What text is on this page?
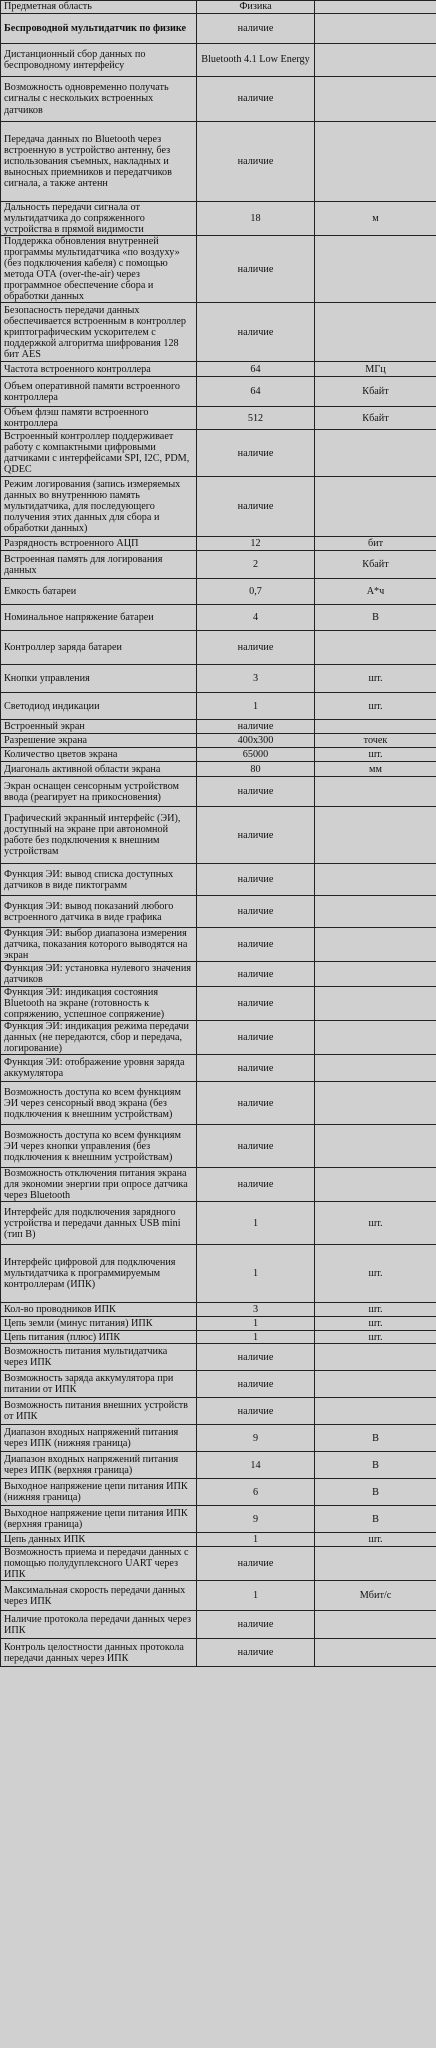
Предметная область	Физика	
Беспроводной мультидатчик по физике	наличие	
Дистанционный сбор данных по беспроводному интерфейсу	Bluetooth 4.1 Low Energy	
Возможность одновременно получать сигналы с нескольких встроенных датчиков	наличие	
Передача данных по Bluetooth через встроенную в устройство антенну, без использования съемных, накладных и выносных приемников и передатчиков сигнала, а также антенн	наличие	
Дальность передачи сигнала от мультидатчика до сопряженного устройства в прямой видимости	18	м
Поддержка обновления внутренней программы мультидатчика «по воздуху» (без подключения кабеля) с помощью метода ОТА (over-the-air) через программное обеспечение сбора и обработки данных	наличие	
Безопасность передачи данных обеспечивается встроенным в контроллер криптографическим ускорителем с поддержкой алгоритма шифрования 128 бит AES	наличие	
Частота встроенного контроллера	64	МГц
Объем оперативной памяти встроенного контроллера	64	Кбайт
Объем флэш памяти встроенного контроллера	512	Кбайт
Встроенный контроллер поддерживает работу с компактными цифровыми датчиками с интерфейсами SPI, I2C, PDM, QDEC	наличие	
Режим логирования (запись измеряемых данных во внутреннюю память мультидатчика, для последующего получения этих данных для сбора и обработки данных)	наличие	
Разрядность встроенного АЦП	12	бит
Встроенная память для логирования данных	2	Кбайт
Емкость батареи	0,7	А*ч
Номинальное напряжение батареи	4	В
Контроллер заряда батареи	наличие	
Кнопки управления	3	шт.
Светодиод индикации	1	шт.
Встроенный экран	наличие	
Разрешение экрана	400x300	точек
Количество цветов экрана	65000	шт.
Диагональ активной области экрана	80	мм
Экран оснащен сенсорным устройством ввода (реагирует на прикосновения)	наличие	
Графический экранный интерфейс (ЭИ), доступный на экране при автономной работе без подключения к внешним устройствам	наличие	
Функция ЭИ: вывод списка доступных датчиков в виде пиктограмм	наличие	
Функция ЭИ: вывод показаний любого встроенного датчика в виде графика	наличие	
Функция ЭИ: выбор диапазона измерения датчика, показания которого выводятся на экран	наличие	
Функция ЭИ: установка нулевого значения датчиков	наличие	
Функция ЭИ: индикация состояния Bluetooth на экране (готовность к сопряжению, успешное сопряжение)	наличие	
Функция ЭИ: индикация режима передачи данных (не передаются, сбор и передача, логирование)	наличие	
Функция ЭИ: отображение уровня заряда аккумулятора	наличие	
Возможность доступа ко всем функциям ЭИ через сенсорный ввод экрана (без подключения к внешним устройствам)	наличие	
Возможность доступа ко всем функциям ЭИ через кнопки управления (без подключения к внешним устройствам)	наличие	
Возможность отключения питания экрана для экономии энергии при опросе датчика через Bluetooth	наличие	
Интерфейс для подключения зарядного устройства и передачи данных USB mini (тип B)	1	шт.
Интерфейс цифровой для подключения мультидатчика к программируемым контроллерам (ИПК)	1	шт.
Кол-во проводников ИПК	3	шт.
Цепь земли (минус питания) ИПК	1	шт.
Цепь питания (плюс) ИПК	1	шт.
Возможность питания мультидатчика через ИПК	наличие	
Возможность заряда аккумулятора при питании от ИПК	наличие	
Возможность питания внешних устройств от ИПК	наличие	
Диапазон входных напряжений питания через ИПК (нижняя граница)	9	В
Диапазон входных напряжений питания через ИПК (верхняя граница)	14	В
Выходное напряжение цепи питания ИПК (нижняя граница)	6	В
Выходное напряжение цепи питания ИПК (верхняя граница)	9	В
Цепь данных ИПК	1	шт.
Возможность приема и передачи данных с помощью полудуплексного UART через ИПК	наличие	
Максимальная скорость передачи данных через ИПК	1	Мбит/с
Наличие протокола передачи данных через ИПК	наличие	
Контроль целостности данных протокола передачи данных через ИПК	наличие	
